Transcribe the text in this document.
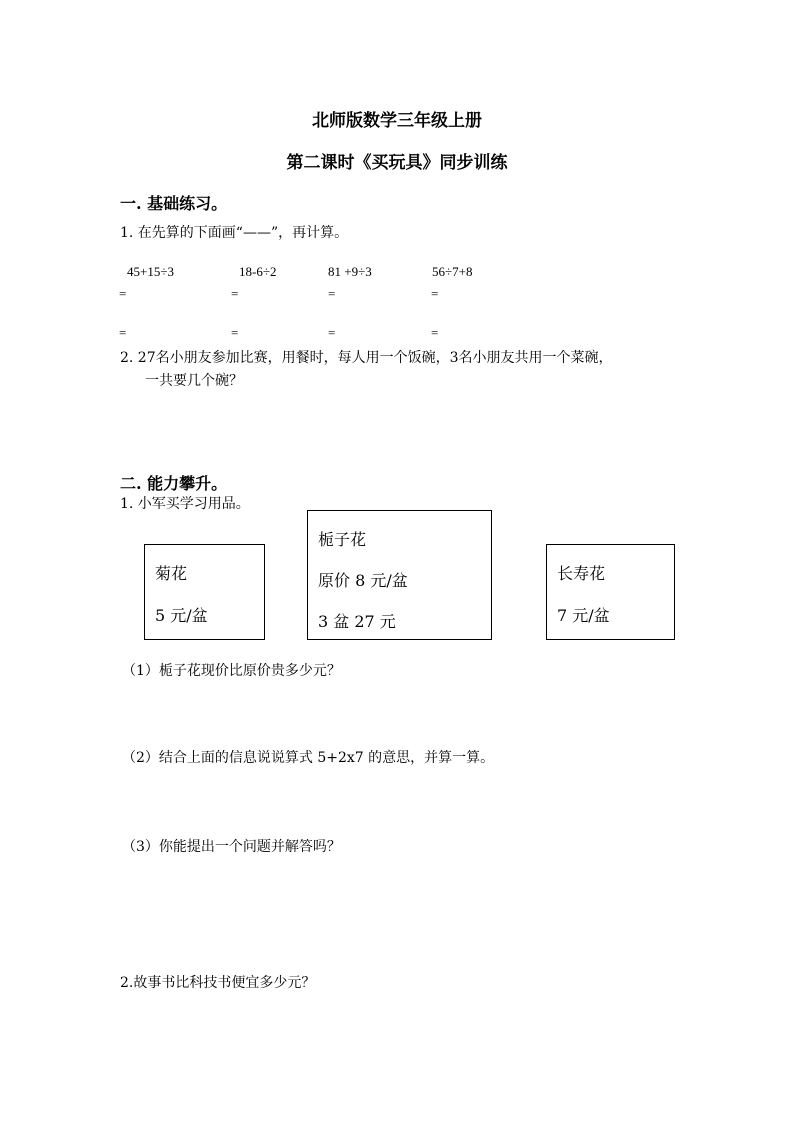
北师版数学三年级上册
第二课时《买玩具》同步训练
一. 基础练习。
1. 在先算的下面画“——”，再计算。
45+15÷3	18-6÷2	81 +9÷3	56÷7+8
=	=	=	=
=	=	=	=
2. 27名小朋友参加比赛，用餐时，每人用一个饭碗，3名小朋友共用一个菜碗，
一共要几个碗？
二. 能力攀升。
1. 小军买学习用品。
菊花
5 元/盆
栀子花
原价 8 元/盆
3 盆 27 元
长寿花
7 元/盆
（1）栀子花现价比原价贵多少元？
（2）结合上面的信息说说算式 5+2x7 的意思，并算一算。
（3）你能提出一个问题并解答吗？
2.故事书比科技书便宜多少元？
